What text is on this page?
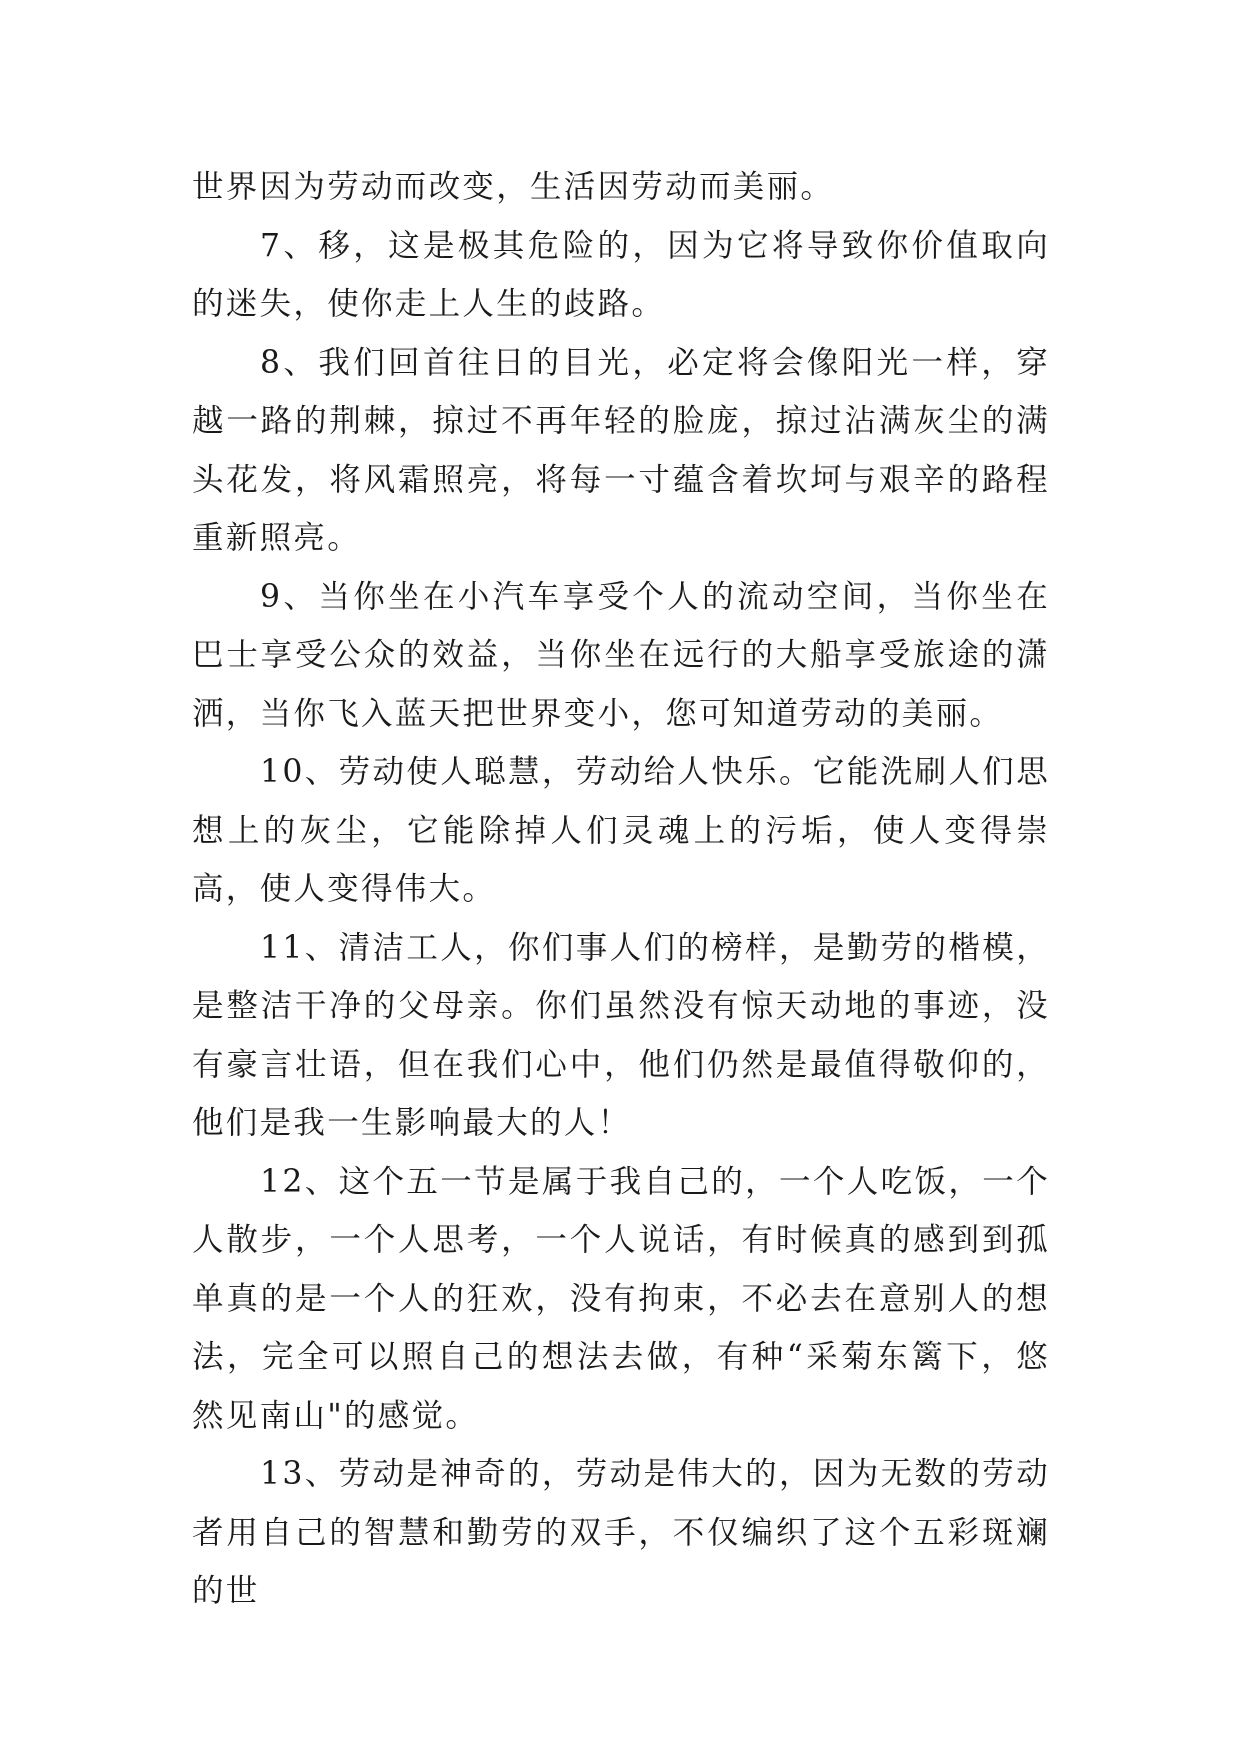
世界因为劳动而改变，生活因劳动而美丽。

7、移，这是极其危险的，因为它将导致你价值取向的迷失，使你走上人生的歧路。

8、我们回首往日的目光，必定将会像阳光一样，穿越一路的荆棘，掠过不再年轻的脸庞，掠过沾满灰尘的满头花发，将风霜照亮，将每一寸蕴含着坎坷与艰辛的路程重新照亮。

9、当你坐在小汽车享受个人的流动空间，当你坐在巴士享受公众的效益，当你坐在远行的大船享受旅途的潇洒，当你飞入蓝天把世界变小，您可知道劳动的美丽。

10、劳动使人聪慧，劳动给人快乐。它能洗刷人们思想上的灰尘，它能除掉人们灵魂上的污垢，使人变得崇高，使人变得伟大。

11、清洁工人，你们事人们的榜样，是勤劳的楷模，是整洁干净的父母亲。你们虽然没有惊天动地的事迹，没有豪言壮语，但在我们心中，他们仍然是最值得敬仰的，他们是我一生影响最大的人！

12、这个五一节是属于我自己的，一个人吃饭，一个人散步，一个人思考，一个人说话，有时候真的感到到孤单真的是一个人的狂欢，没有拘束，不必去在意别人的想法，完全可以照自己的想法去做，有种“采菊东篱下，悠然见南山"的感觉。

13、劳动是神奇的，劳动是伟大的，因为无数的劳动者用自己的智慧和勤劳的双手，不仅编织了这个五彩斑斓的世
